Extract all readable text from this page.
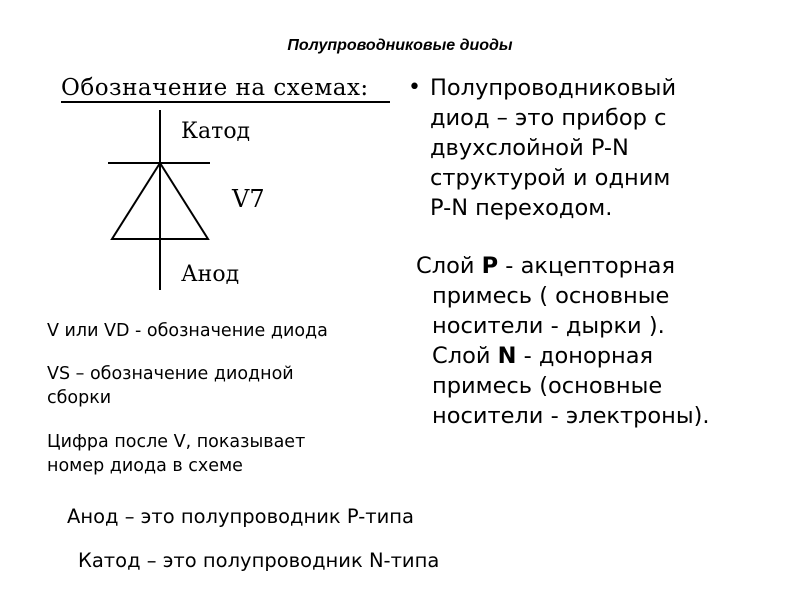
Полупроводниковые диоды
Обозначение на схемах:
Катод
V7
Анод
• Полупроводниковый
диод – это прибор с
двухслойной P-N
структурой и одним
P-N переходом.
Слой P - акцепторная
примесь ( основные
носители - дырки ).
Слой N - донорная
примесь (основные
носители - электроны).
V или VD - обозначение диода
VS – обозначение диодной
сборки
Цифра после V, показывает
номер диода в схеме
Анод – это полупроводник P-типа
Катод – это полупроводник N-типа
